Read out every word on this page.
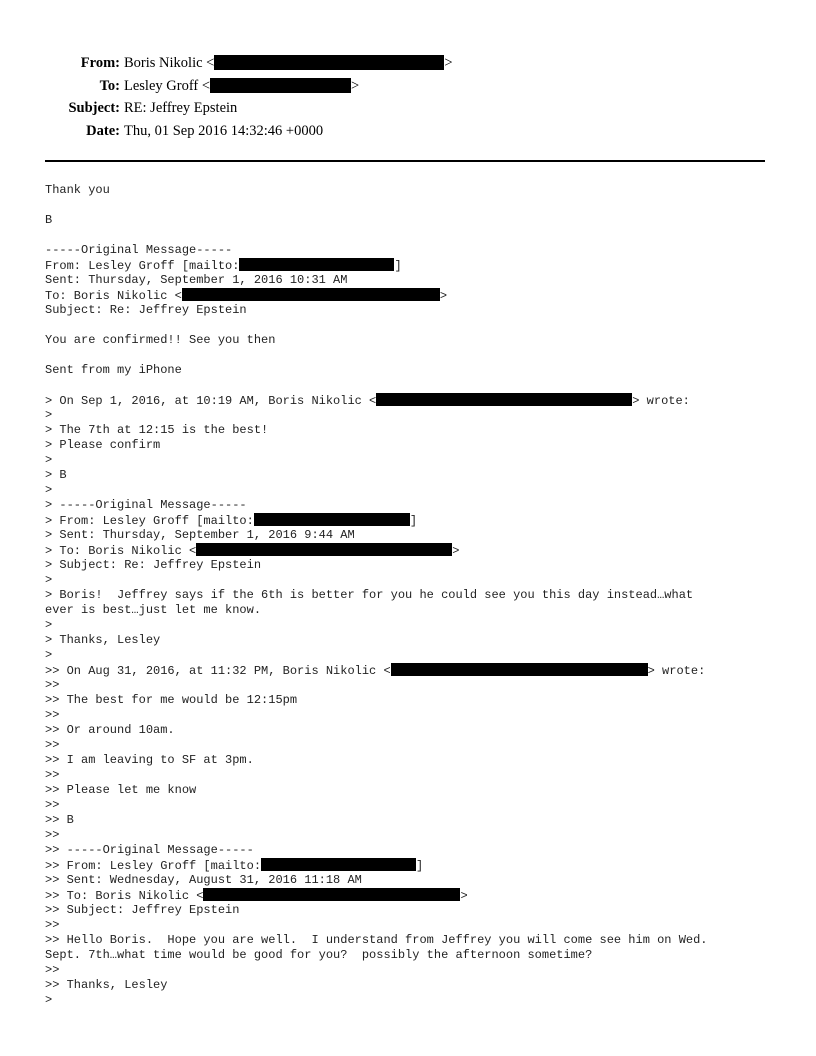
From: Boris Nikolic <	>
To: Lesley Groff <	>
Subject: RE: Jeffrey Epstein
Date: Thu, 01 Sep 2016 14:32:46 +0000
Thank you
B
-----Original Message-----
From: Lesley Groff [mailto:	]
Sent: Thursday, September 1, 2016 10:31 AM
To: Boris Nikolic <	>
Subject: Re: Jeffrey Epstein
You are confirmed!! See you then
Sent from my iPhone
> On Sep 1, 2016, at 10:19 AM, Boris Nikolic <	> wrote:
>
> The 7th at 12:15 is the best!
> Please confirm
>
> B
>
> -----Original Message-----
> From: Lesley Groff [mailto:	]
> Sent: Thursday, September 1, 2016 9:44 AM
> To: Boris Nikolic <	>
> Subject: Re: Jeffrey Epstein
>
> Boris!  Jeffrey says if the 6th is better for you he could see you this day instead…what
ever is best…just let me know.
>
> Thanks, Lesley
>
>> On Aug 31, 2016, at 11:32 PM, Boris Nikolic <	> wrote:
>>
>> The best for me would be 12:15pm
>>
>> Or around 10am.
>>
>> I am leaving to SF at 3pm.
>>
>> Please let me know
>>
>> B
>>
>> -----Original Message-----
>> From: Lesley Groff [mailto:	]
>> Sent: Wednesday, August 31, 2016 11:18 AM
>> To: Boris Nikolic <	>
>> Subject: Jeffrey Epstein
>>
>> Hello Boris.  Hope you are well.  I understand from Jeffrey you will come see him on Wed.
Sept. 7th…what time would be good for you?  possibly the afternoon sometime?
>>
>> Thanks, Lesley
>
